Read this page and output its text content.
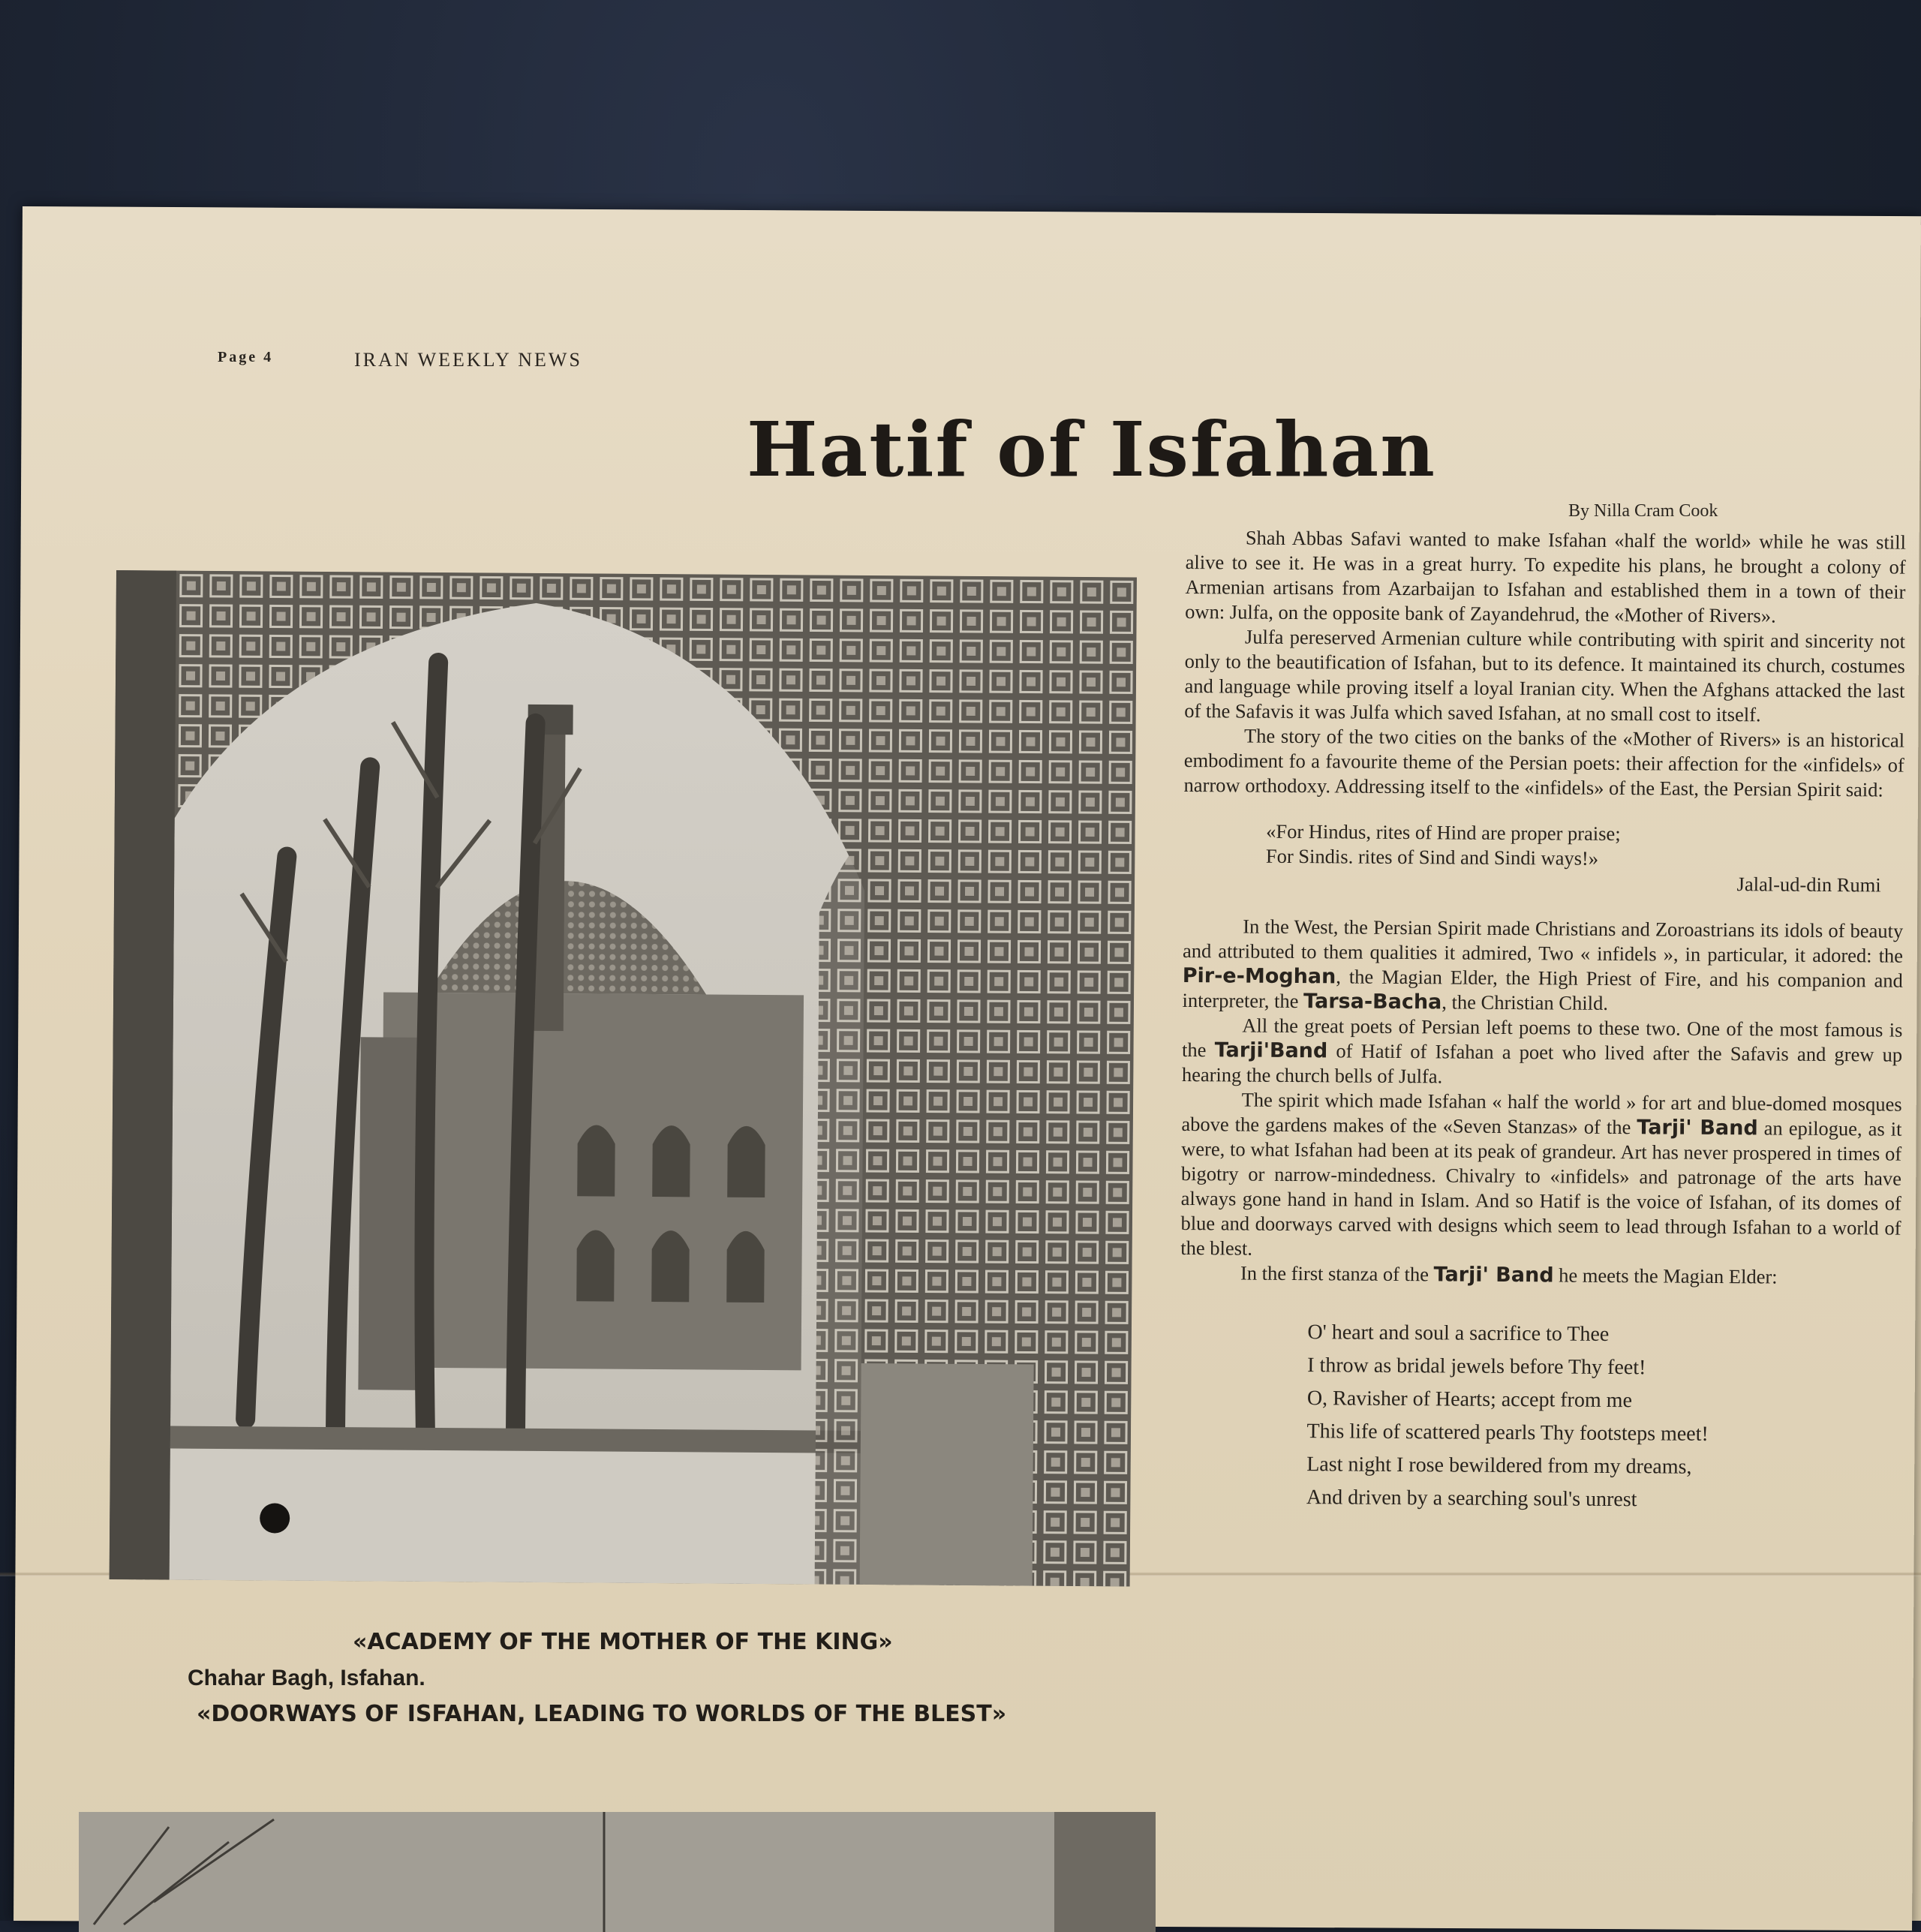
Page 4	IRAN WEEKLY NEWS
Hatif of Isfahan
By Nilla Cram Cook
«ACADEMY OF THE MOTHER OF THE KING»
Chahar Bagh, Isfahan.
«DOORWAYS OF ISFAHAN, LEADING TO WORLDS OF THE BLEST»

Shah Abbas Safavi wanted to make Isfahan «half the world» while he was still alive to see it. He was in a great hurry. To expedite his plans, he brought a colony of Armenian artisans from Azarbaijan to Isfahan and established them in a town of their own: Julfa, on the opposite bank of Zayandehrud, the «Mother of Rivers».

Julfa pereserved Armenian culture while contributing with spirit and sincerity not only to the beautification of Isfahan, but to its defence. It maintained its church, costumes and language while proving itself a loyal Iranian city. When the Afghans attacked the last of the Safavis it was Julfa which saved Isfahan, at no small cost to itself.

The story of the two cities on the banks of the «Mother of Rivers» is an historical embodiment fo a favourite theme of the Persian poets: their affection for the «infidels» of narrow orthodoxy. Addressing itself to the «infidels» of the East, the Persian Spirit said:

«For Hindus, rites of Hind are proper praise;

For Sindis. rites of Sind and Sindi ways!»

Jalal-ud-din Rumi

In the West, the Persian Spirit made Christians and Zoroastrians its idols of beauty and attributed to them qualities it admired, Two « infidels », in particular, it adored: the Pir-e-Moghan, the Magian Elder, the High Priest of Fire, and his companion and interpreter, the Tarsa-Bacha, the Christian Child.

All the great poets of Persian left poems to these two. One of the most famous is the Tarji'Band of Hatif of Isfahan a poet who lived after the Safavis and grew up hearing the church bells of Julfa.

The spirit which made Isfahan « half the world » for art and blue-domed mosques above the gardens makes of the «Seven Stanzas» of the Tarji' Band an epilogue, as it were, to what Isfahan had been at its peak of grandeur. Art has never prospered in times of bigotry or narrow-mindedness. Chivalry to «infidels» and patronage of the arts have always gone hand in hand in Islam. And so Hatif is the voice of Isfahan, of its domes of blue and doorways carved with designs which seem to lead through Isfahan to a world of the blest.

In the first stanza of the Tarji' Band he meets the Magian Elder:

O' heart and soul a sacrifice to Thee
I throw as bridal jewels before Thy feet!
O, Ravisher of Hearts; accept from me
This life of scattered pearls Thy footsteps meet!
Last night I rose bewildered from my dreams,
And driven by a searching soul's unrest
